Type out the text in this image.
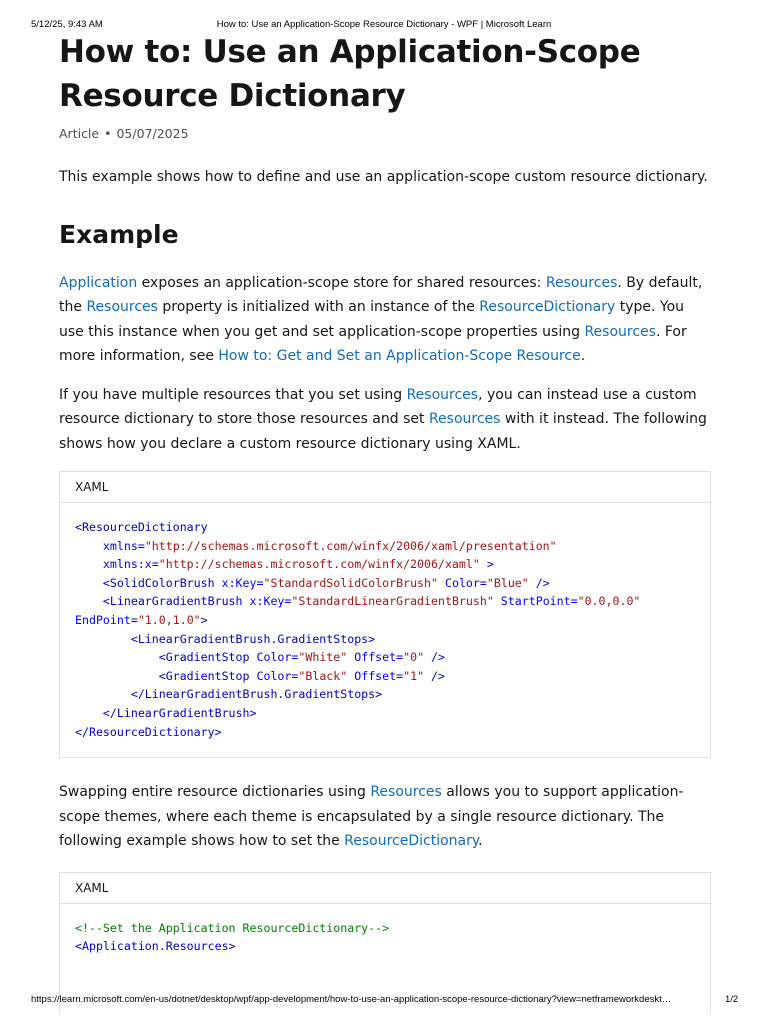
5/12/25, 9:43 AM	How to: Use an Application-Scope Resource Dictionary - WPF | Microsoft Learn
How to: Use an Application-Scope Resource Dictionary
Article • 05/07/2025

This example shows how to define and use an application-scope custom resource dictionary.

Example

Application exposes an application-scope store for shared resources: Resources. By default, the Resources property is initialized with an instance of the ResourceDictionary type. You use this instance when you get and set application-scope properties using Resources. For more information, see How to: Get and Set an Application-Scope Resource.

If you have multiple resources that you set using Resources, you can instead use a custom resource dictionary to store those resources and set Resources with it instead. The following shows how you declare a custom resource dictionary using XAML.

XAML
<ResourceDictionary
xmlns="http://schemas.microsoft.com/winfx/2006/xaml/presentation"
xmlns:x="http://schemas.microsoft.com/winfx/2006/xaml" >
<SolidColorBrush x:Key="StandardSolidColorBrush" Color="Blue" />
<LinearGradientBrush x:Key="StandardLinearGradientBrush" StartPoint="0.0,0.0"
EndPoint="1.0,1.0">
<LinearGradientBrush.GradientStops>
<GradientStop Color="White" Offset="0" />
<GradientStop Color="Black" Offset="1" />
</LinearGradientBrush.GradientStops>
</LinearGradientBrush>
</ResourceDictionary>

Swapping entire resource dictionaries using Resources allows you to support application-scope themes, where each theme is encapsulated by a single resource dictionary. The following example shows how to set the ResourceDictionary.

XAML
<!--Set the Application ResourceDictionary-->
<Application.Resources>
https://learn.microsoft.com/en-us/dotnet/desktop/wpf/app-development/how-to-use-an-application-scope-resource-dictionary?view=netframeworkdeskt…	1/2
